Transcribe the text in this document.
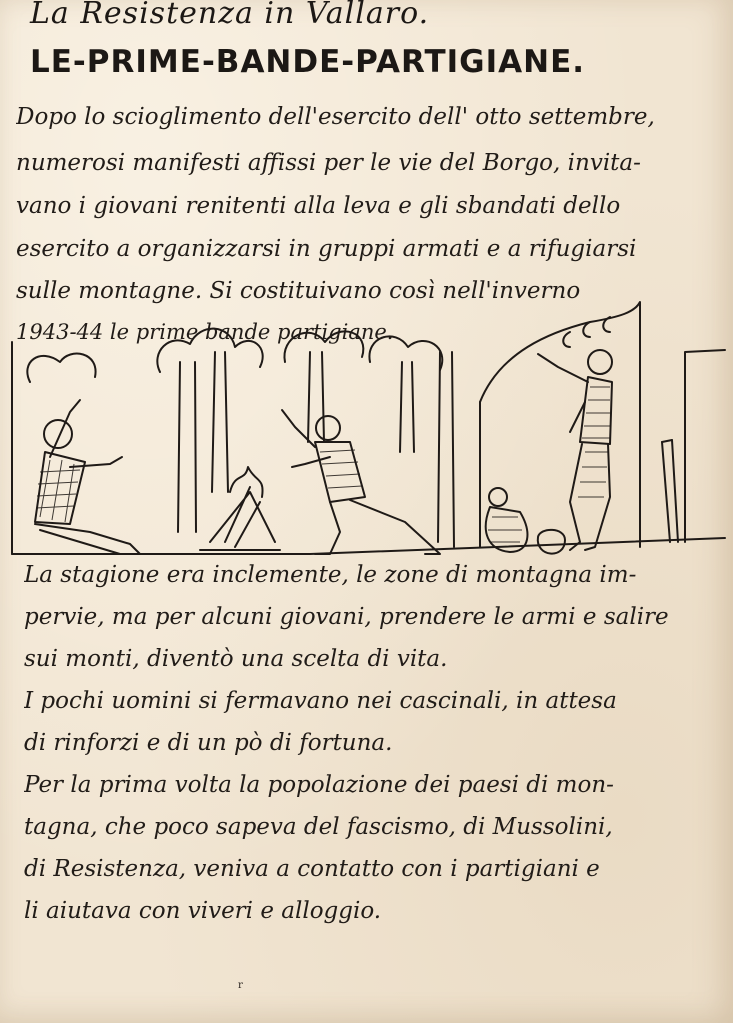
La Resistenza in Vallaro.
LE-PRIME-BANDE-PARTIGIANE.
Dopo lo scioglimento dell'esercito dell' otto settembre,
numerosi manifesti affissi per le vie del Borgo, invita-
vano i giovani renitenti alla leva e gli sbandati dello
esercito a organizzarsi in gruppi armati e a rifugiarsi
sulle montagne. Si costituivano così nell'inverno
1943-44 le prime bande partigiane.
La stagione era inclemente, le zone di montagna im-
pervie, ma per alcuni giovani, prendere le armi e salire
sui monti, diventò una scelta di vita.
I pochi uomini si fermavano nei cascinali, in attesa
di rinforzi e di un pò di fortuna.
Per la prima volta la popolazione dei paesi di mon-
tagna, che poco sapeva del fascismo, di Mussolini,
di Resistenza, veniva a contatto con i partigiani e
li aiutava con viveri e alloggio.
r
